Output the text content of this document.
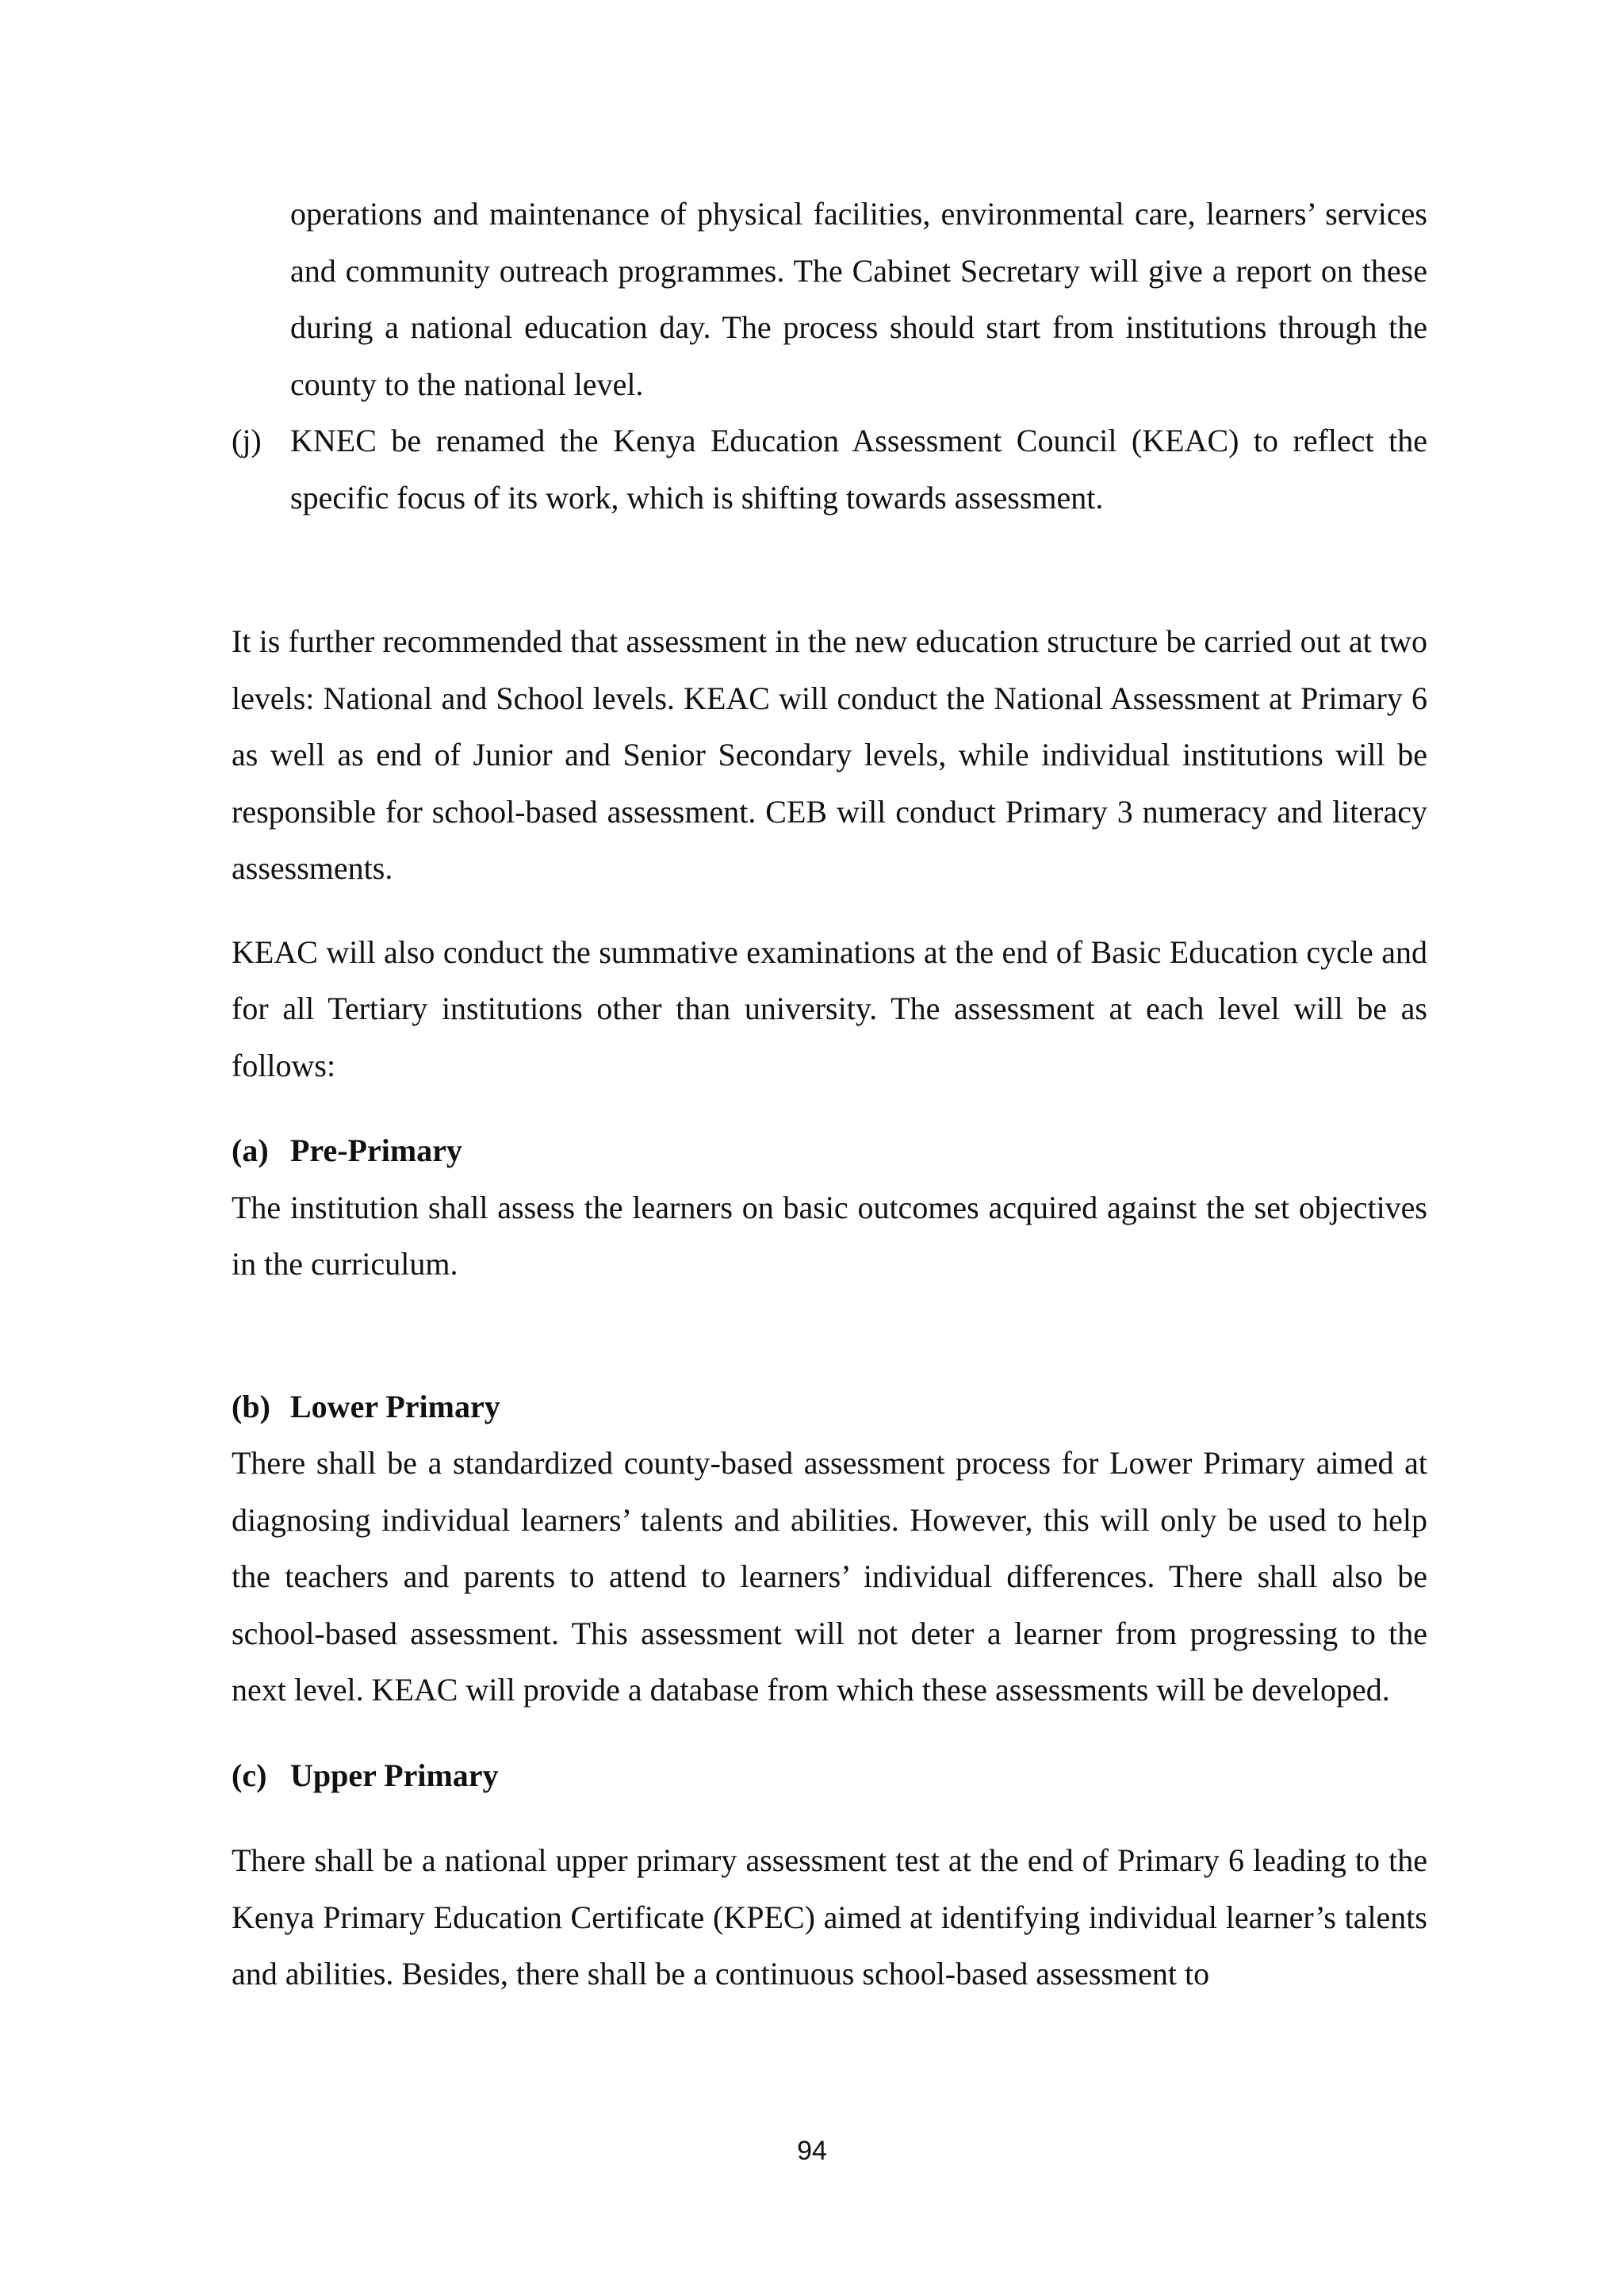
operations and maintenance of physical facilities, environmental care, learners’ services and community outreach programmes. The Cabinet Secretary will give a report on these during a national education day. The process should start from institutions through the county to the national level.

(j) KNEC be renamed the Kenya Education Assessment Council (KEAC) to reflect the specific focus of its work, which is shifting towards assessment.

It is further recommended that assessment in the new education structure be carried out at two levels: National and School levels. KEAC will conduct the National Assessment at Primary 6 as well as end of Junior and Senior Secondary levels, while individual institutions will be responsible for school-based assessment. CEB will conduct Primary 3 numeracy and literacy assessments.

KEAC will also conduct the summative examinations at the end of Basic Education cycle and for all Tertiary institutions other than university. The assessment at each level will be as follows:

(a) Pre-Primary

The institution shall assess the learners on basic outcomes acquired against the set objectives in the curriculum.

(b) Lower Primary

There shall be a standardized county-based assessment process for Lower Primary aimed at diagnosing individual learners’ talents and abilities. However, this will only be used to help the teachers and parents to attend to learners’ individual differences. There shall also be school-based assessment. This assessment will not deter a learner from progressing to the next level. KEAC will provide a database from which these assessments will be developed.

(c) Upper Primary

There shall be a national upper primary assessment test at the end of Primary 6 leading to the Kenya Primary Education Certificate (KPEC) aimed at identifying individual learner’s talents and abilities. Besides, there shall be a continuous school-based assessment to

94
